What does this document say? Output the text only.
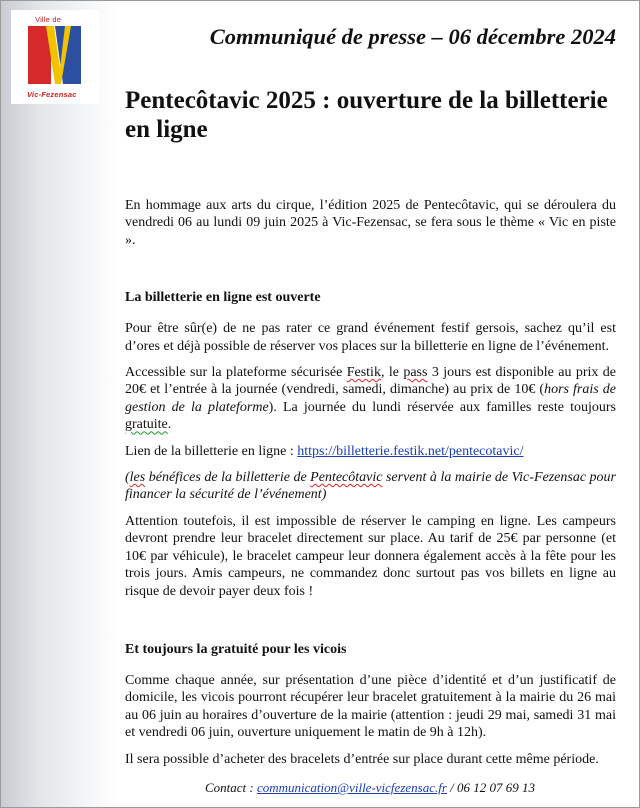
Ville de
Vic-Fezensac
Communiqué de presse – 06 décembre 2024
Pentecôtavic 2025 : ouverture de la billetterie en ligne

En hommage aux arts du cirque, l’édition 2025 de Pentecôtavic, qui se déroulera du vendredi 06 au lundi 09 juin 2025 à Vic-Fezensac, se fera sous le thème « Vic en piste ».

La billetterie en ligne est ouverte

Pour être sûr(e) de ne pas rater ce grand événement festif gersois, sachez qu’il est d’ores et déjà possible de réserver vos places sur la billetterie en ligne de l’événement.

Accessible sur la plateforme sécurisée Festik, le pass 3 jours est disponible au prix de 20€ et l’entrée à la journée (vendredi, samedi, dimanche) au prix de 10€ (hors frais de gestion de la plateforme). La journée du lundi réservée aux familles reste toujours gratuite.

Lien de la billetterie en ligne : https://billetterie.festik.net/pentecotavic/

(les bénéfices de la billetterie de Pentecôtavic servent à la mairie de Vic-Fezensac pour financer la sécurité de l’événement)

Attention toutefois, il est impossible de réserver le camping en ligne. Les campeurs devront prendre leur bracelet directement sur place. Au tarif de 25€ par personne (et 10€ par véhicule), le bracelet campeur leur donnera également accès à la fête pour les trois jours. Amis campeurs, ne commandez donc surtout pas vos billets en ligne au risque de devoir payer deux fois !

Et toujours la gratuité pour les vicois

Comme chaque année, sur présentation d’une pièce d’identité et d’un justificatif de domicile, les vicois pourront récupérer leur bracelet gratuitement à la mairie du 26 mai au 06 juin au horaires d’ouverture de la mairie (attention : jeudi 29 mai, samedi 31 mai et vendredi 06 juin, ouverture uniquement le matin de 9h à 12h).

Il sera possible d’acheter des bracelets d’entrée sur place durant cette même période.

Contact : communication@ville-vicfezensac.fr / 06 12 07 69 13
